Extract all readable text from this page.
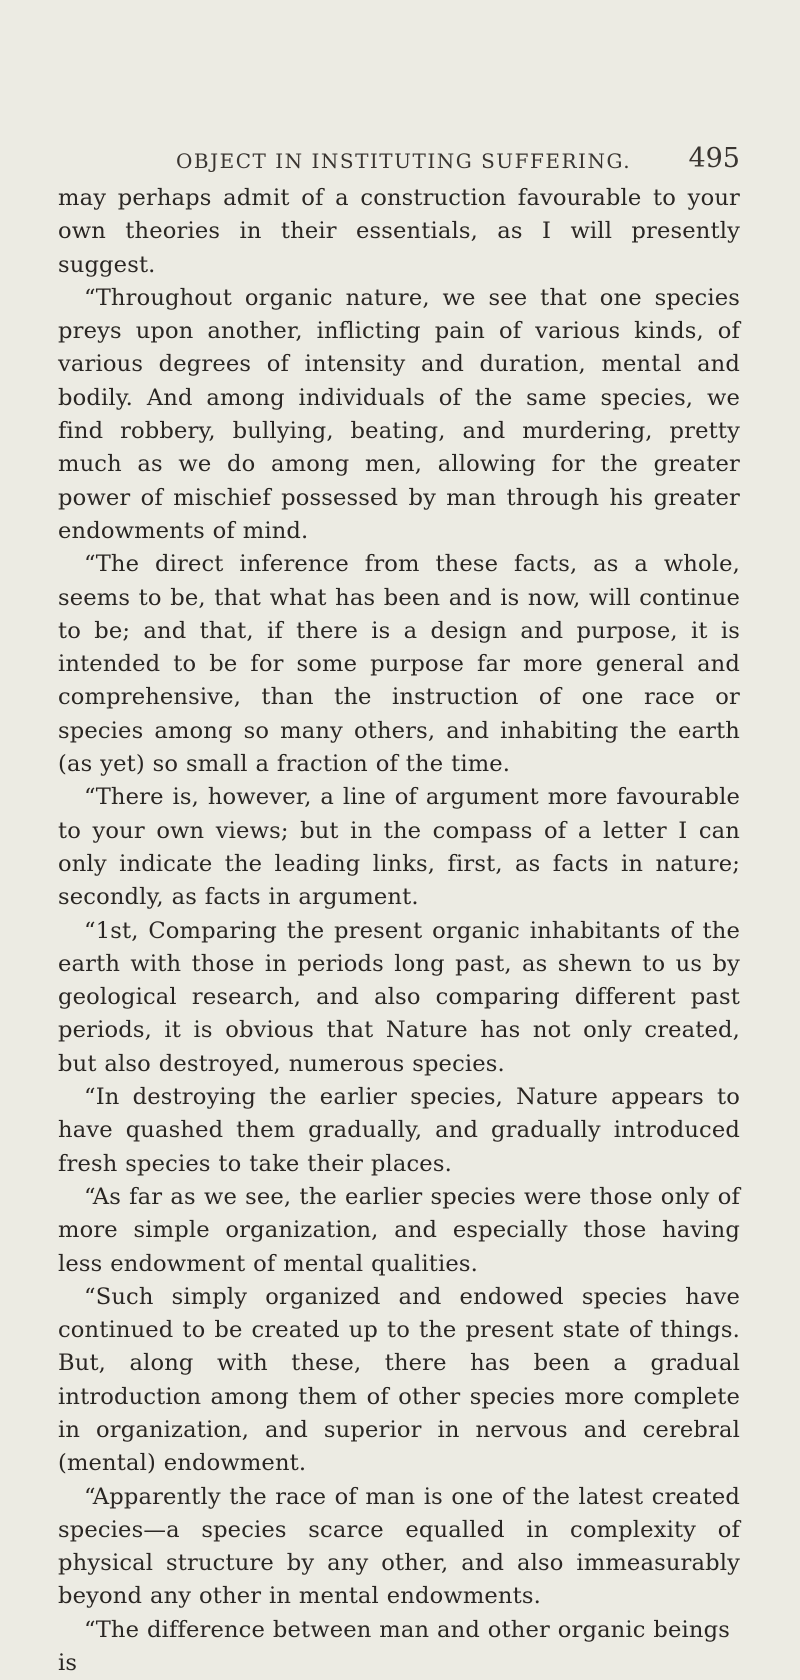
OBJECT IN INSTITUTING SUFFERING. 495

may perhaps admit of a construction favourable to your own theories in their essentials, as I will presently suggest.

“Throughout organic nature, we see that one species preys upon another, inflicting pain of various kinds, of various degrees of intensity and duration, mental and bodily. And among individuals of the same species, we find robbery, bullying, beating, and murdering, pretty much as we do among men, allowing for the greater power of mischief possessed by man through his greater endowments of mind.

“The direct inference from these facts, as a whole, seems to be, that what has been and is now, will continue to be; and that, if there is a design and purpose, it is intended to be for some purpose far more general and comprehensive, than the instruction of one race or species among so many others, and inhabiting the earth (as yet) so small a fraction of the time.

“There is, however, a line of argument more favourable to your own views; but in the compass of a letter I can only indicate the leading links, first, as facts in nature; secondly, as facts in argument.

“1st, Comparing the present organic inhabitants of the earth with those in periods long past, as shewn to us by geological research, and also comparing different past periods, it is obvious that Nature has not only created, but also destroyed, numerous species.

“In destroying the earlier species, Nature appears to have quashed them gradually, and gradually introduced fresh species to take their places.

“As far as we see, the earlier species were those only of more simple organization, and especially those having less endowment of mental qualities.

“Such simply organized and endowed species have continued to be created up to the present state of things. But, along with these, there has been a gradual introduction among them of other species more complete in organization, and superior in nervous and cerebral (mental) endowment.

“Apparently the race of man is one of the latest created species—a species scarce equalled in complexity of physical structure by any other, and also immeasurably beyond any other in mental endowments.

“The difference between man and other organic beings is
